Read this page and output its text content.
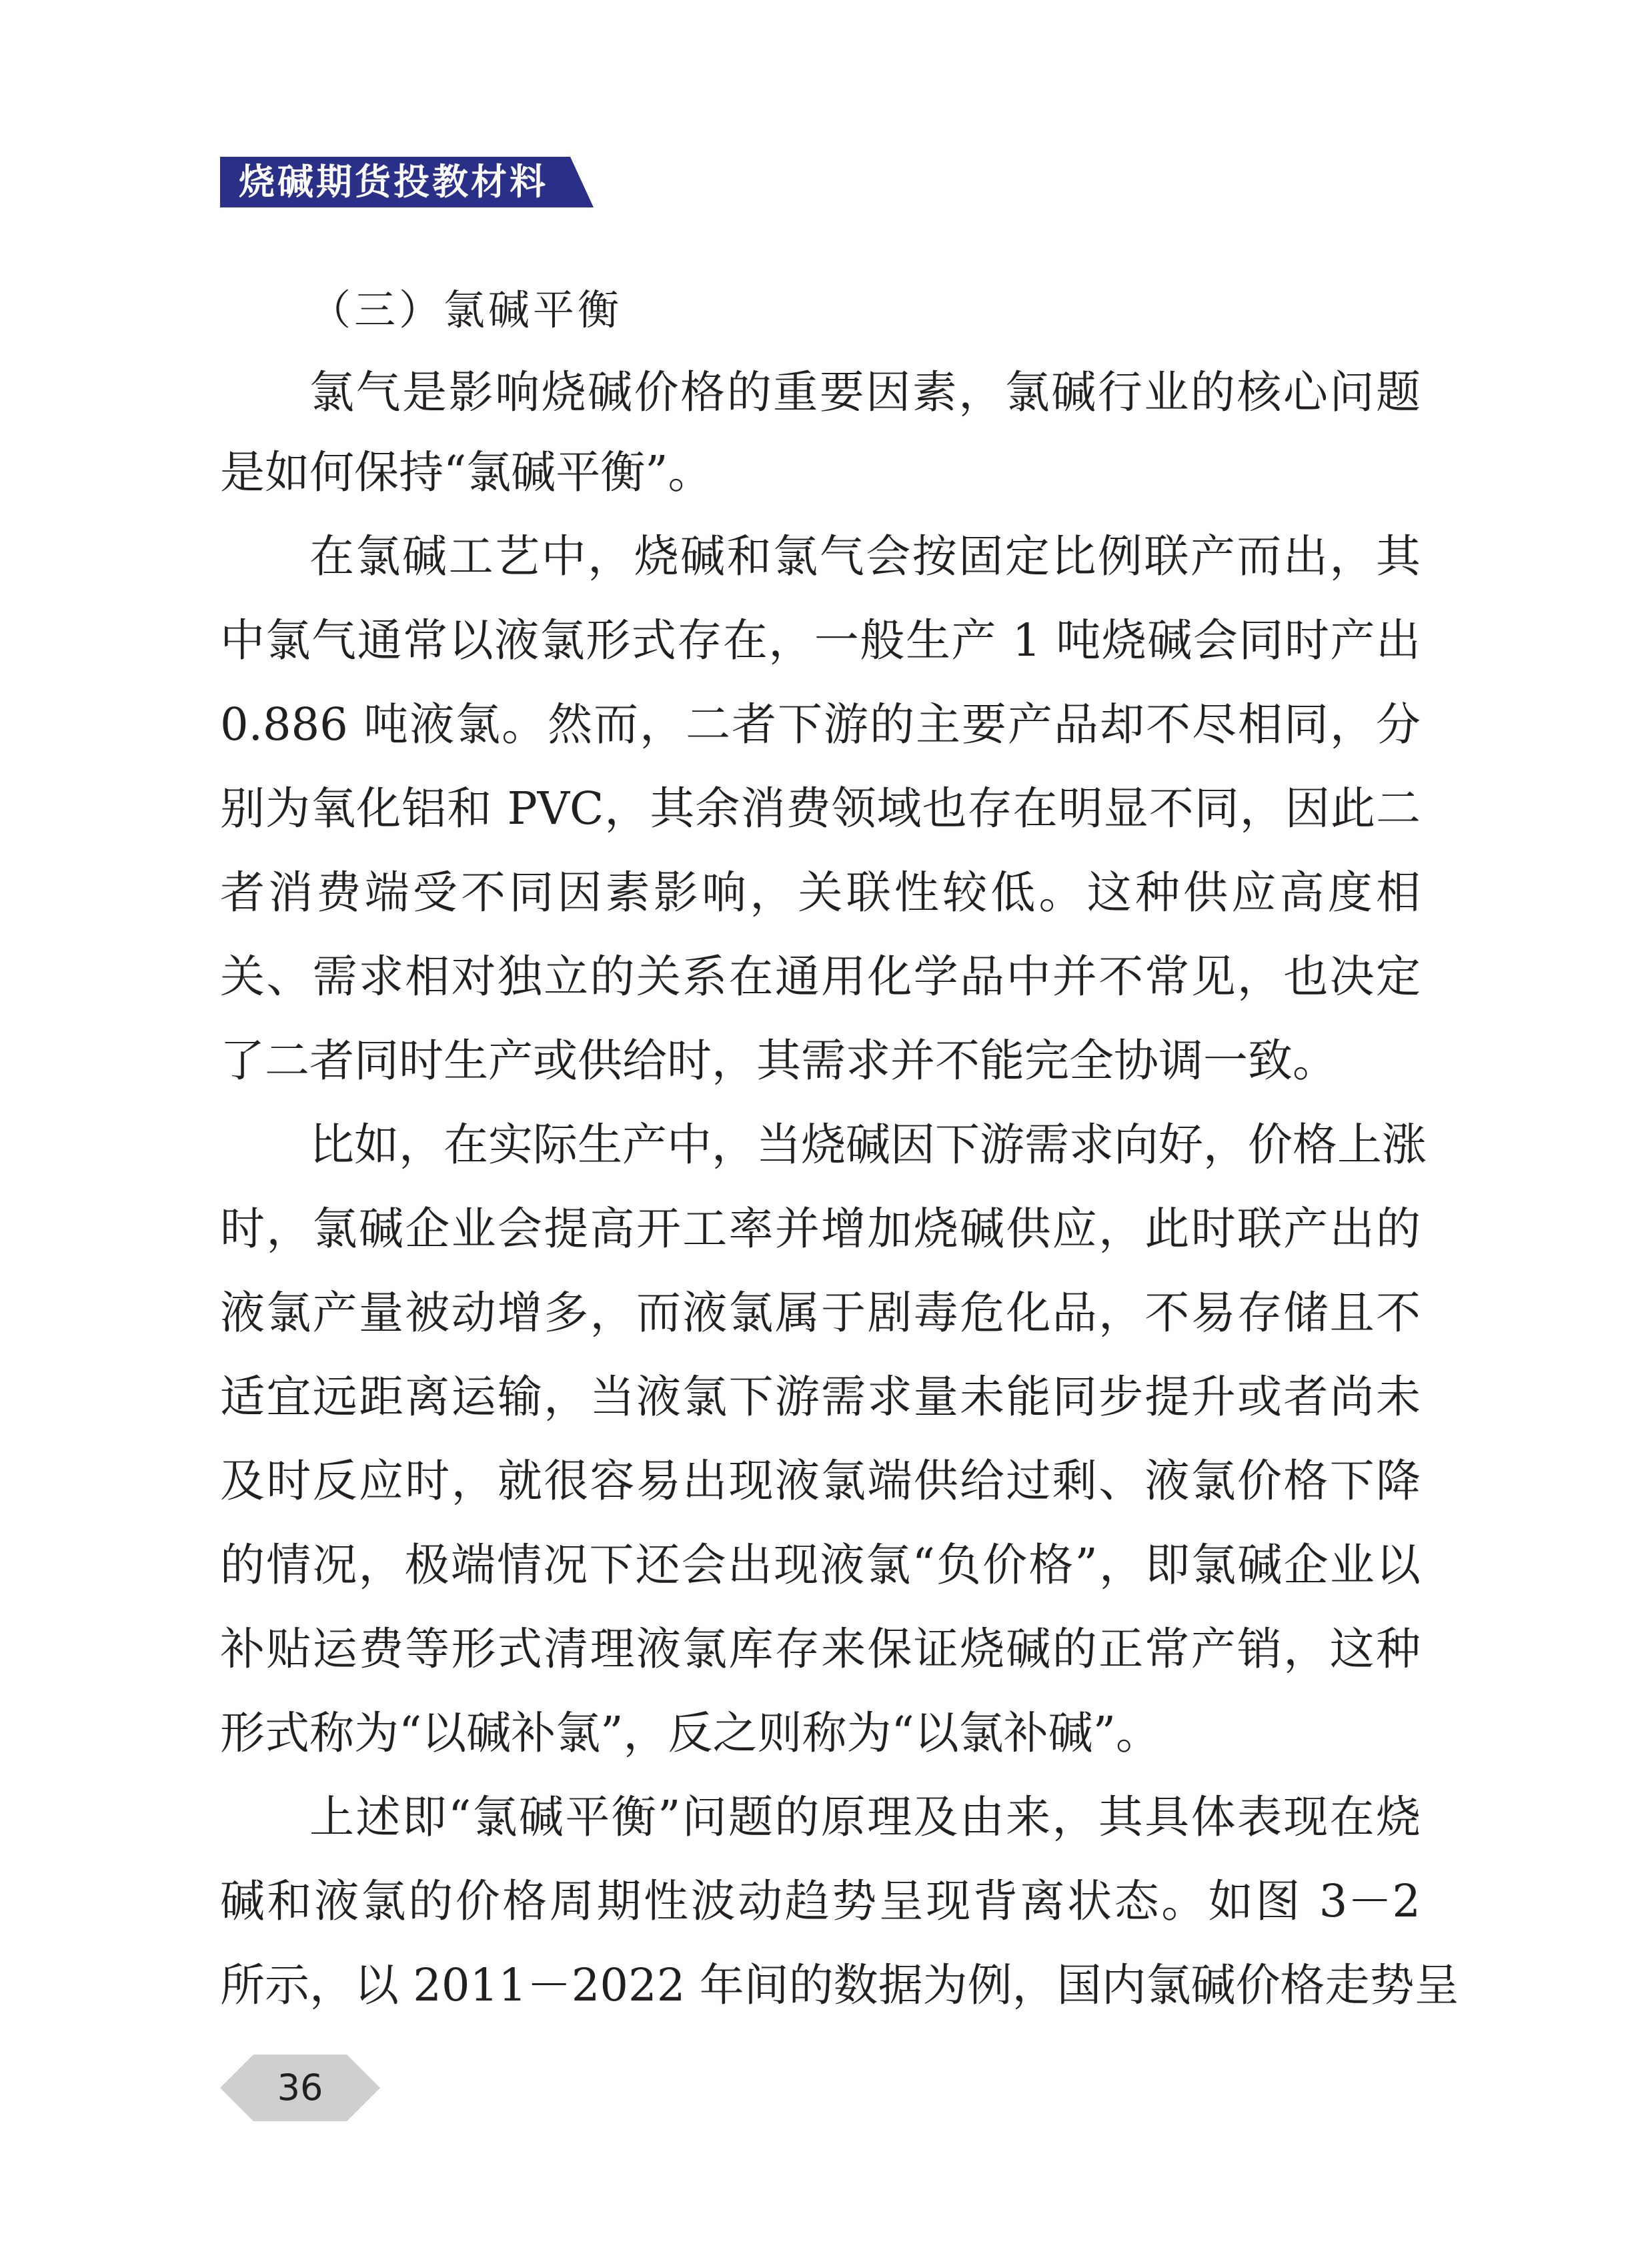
烧碱期货投教材料
（三）氯碱平衡
氯气是影响烧碱价格的重要因素，氯碱行业的核心问题
是如何保持“氯碱平衡”。
在氯碱工艺中，烧碱和氯气会按固定比例联产而出，其
中氯气通常以液氯形式存在，一般生产 1 吨烧碱会同时产出
0.886 吨液氯。然而，二者下游的主要产品却不尽相同，分
别为氧化铝和 PVC，其余消费领域也存在明显不同，因此二
者消费端受不同因素影响，关联性较低。这种供应高度相
关、需求相对独立的关系在通用化学品中并不常见，也决定
了二者同时生产或供给时，其需求并不能完全协调一致。
比如，在实际生产中，当烧碱因下游需求向好，价格上涨
时，氯碱企业会提高开工率并增加烧碱供应，此时联产出的
液氯产量被动增多，而液氯属于剧毒危化品，不易存储且不
适宜远距离运输，当液氯下游需求量未能同步提升或者尚未
及时反应时，就很容易出现液氯端供给过剩、液氯价格下降
的情况，极端情况下还会出现液氯“负价格”，即氯碱企业以
补贴运费等形式清理液氯库存来保证烧碱的正常产销，这种
形式称为“以碱补氯”，反之则称为“以氯补碱”。
上述即“氯碱平衡”问题的原理及由来，其具体表现在烧
碱和液氯的价格周期性波动趋势呈现背离状态。如图 3－2
所示，以 2011－2022 年间的数据为例，国内氯碱价格走势呈
36
